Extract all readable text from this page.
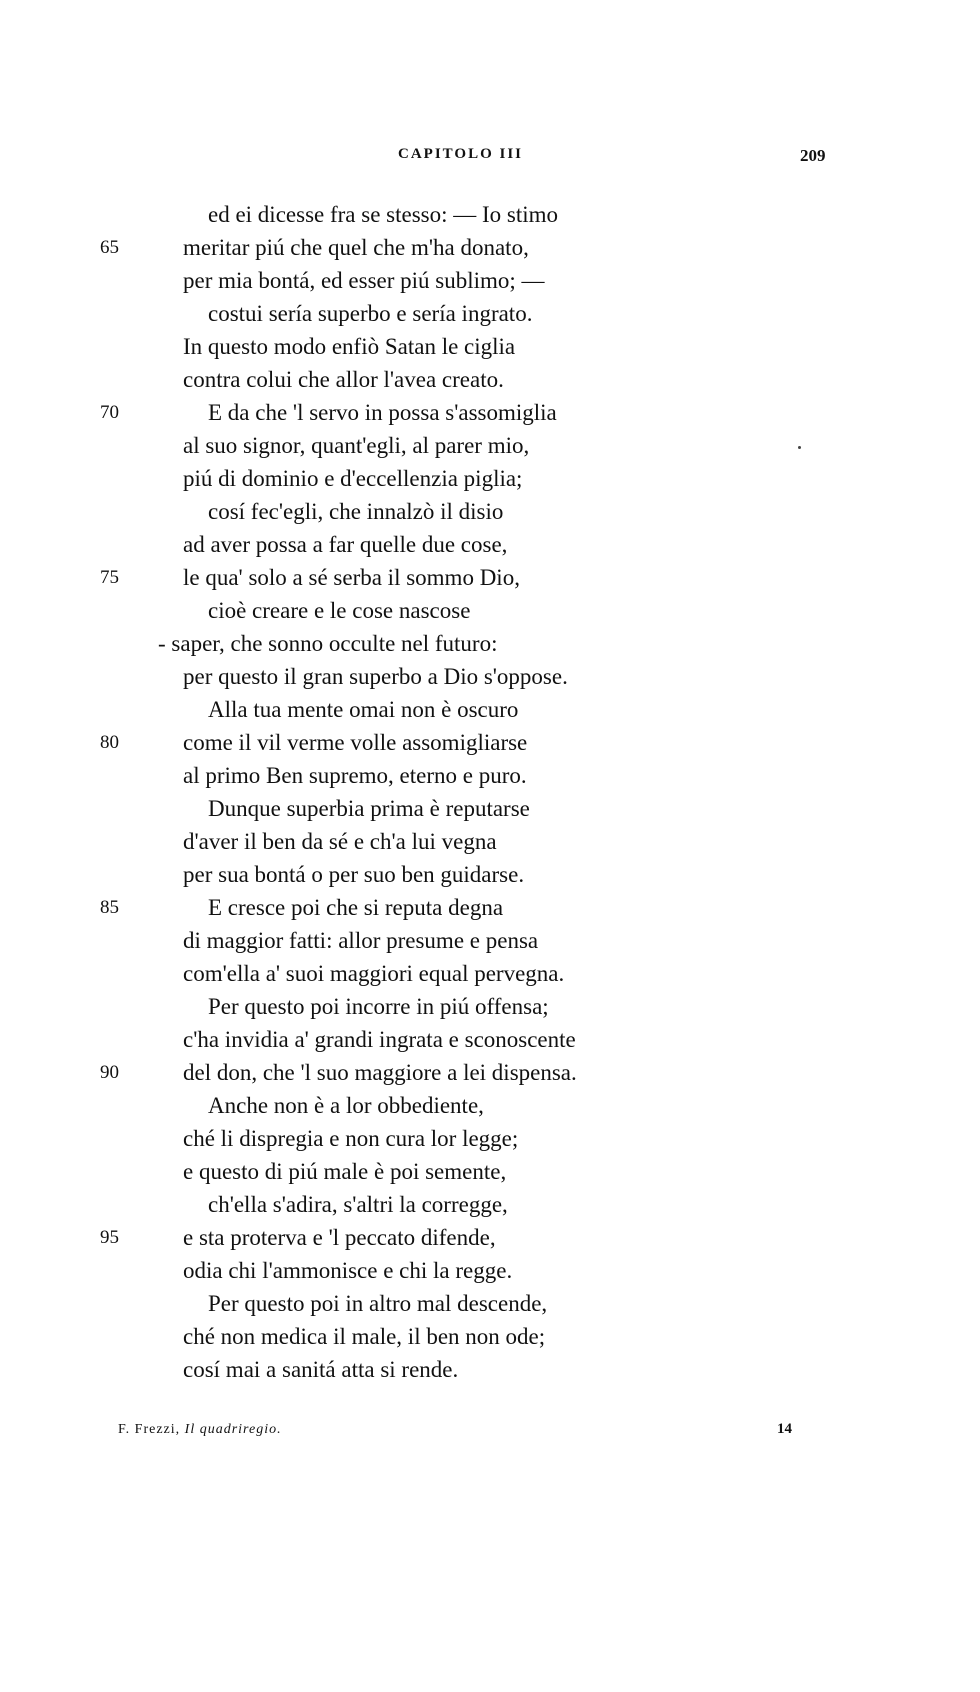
CAPITOLO III	209
ed ei dicesse fra se stesso: — Io stimo
65	meritar piú che quel che m'ha donato,
per mia bontá, ed esser piú sublimo; —
costui sería superbo e sería ingrato.
In questo modo enfiò Satan le ciglia
contra colui che allor l'avea creato.
70	E da che 'l servo in possa s'assomiglia
al suo signor, quant'egli, al parer mio,
piú di dominio e d'eccellenzia piglia;
cosí fec'egli, che innalzò il disio
ad aver possa a far quelle due cose,
75	le qua' solo a sé serba il sommo Dio,
cioè creare e le cose nascose
- saper, che sonno occulte nel futuro:
per questo il gran superbo a Dio s'oppose.
Alla tua mente omai non è oscuro
80	come il vil verme volle assomigliarse
al primo Ben supremo, eterno e puro.
Dunque superbia prima è reputarse
d'aver il ben da sé e ch'a lui vegna
per sua bontá o per suo ben guidarse.
85	E cresce poi che si reputa degna
di maggior fatti: allor presume e pensa
com'ella a' suoi maggiori equal pervegna.
Per questo poi incorre in piú offensa;
c'ha invidia a' grandi ingrata e sconoscente
90	del don, che 'l suo maggiore a lei dispensa.
Anche non è a lor obbediente,
ché li dispregia e non cura lor legge;
e questo di piú male è poi semente,
ch'ella s'adira, s'altri la corregge,
95	e sta proterva e 'l peccato difende,
odia chi l'ammonisce e chi la regge.
Per questo poi in altro mal descende,
ché non medica il male, il ben non ode;
cosí mai a sanitá atta si rende.
F. Frezzi, Il quadriregio.	14
